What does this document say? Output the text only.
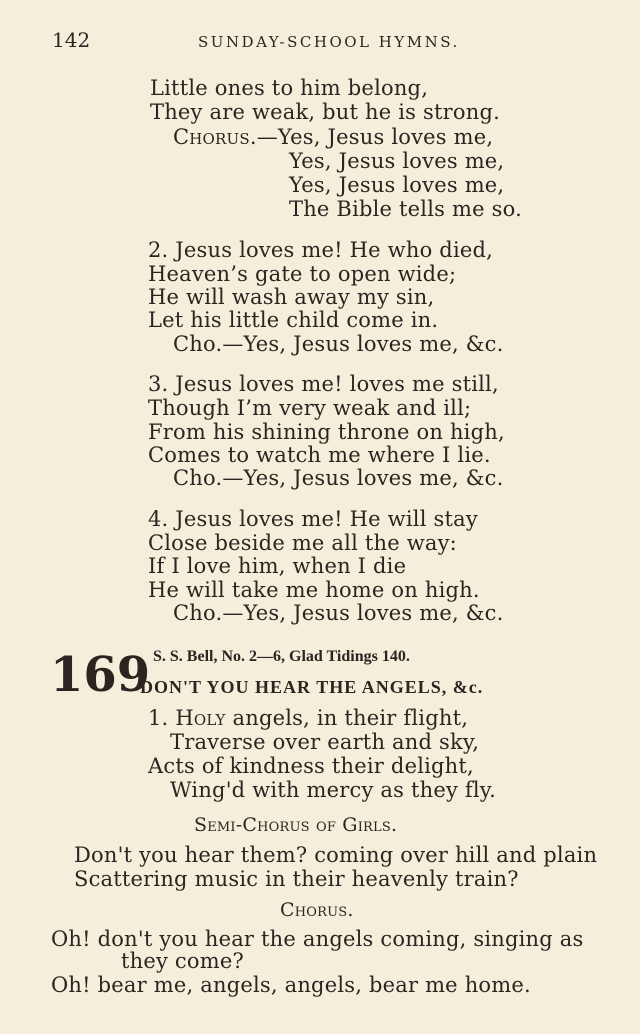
142	SUNDAY-SCHOOL HYMNS.
Little ones to him belong,
They are weak, but he is strong.
Chorus.—Yes, Jesus loves me,
Yes, Jesus loves me,
Yes, Jesus loves me,
The Bible tells me so.
2. Jesus loves me! He who died,
Heaven’s gate to open wide;
He will wash away my sin,
Let his little child come in.
Cho.—Yes, Jesus loves me, &c.
3. Jesus loves me! loves me still,
Though I’m very weak and ill;
From his shining throne on high,
Comes to watch me where I lie.
Cho.—Yes, Jesus loves me, &c.
4. Jesus loves me! He will stay
Close beside me all the way:
If I love him, when I die
He will take me home on high.
Cho.—Yes, Jesus loves me, &c.
169 S. S. Bell, No. 2—6, Glad Tidings 140.
DON'T YOU HEAR THE ANGELS, &c.
1. Holy angels, in their flight,
Traverse over earth and sky,
Acts of kindness their delight,
Wing'd with mercy as they fly.
Semi-Chorus of Girls.
Don't you hear them? coming over hill and plain
Scattering music in their heavenly train?
Chorus.
Oh! don't you hear the angels coming, singing as
they come?
Oh! bear me, angels, angels, bear me home.
